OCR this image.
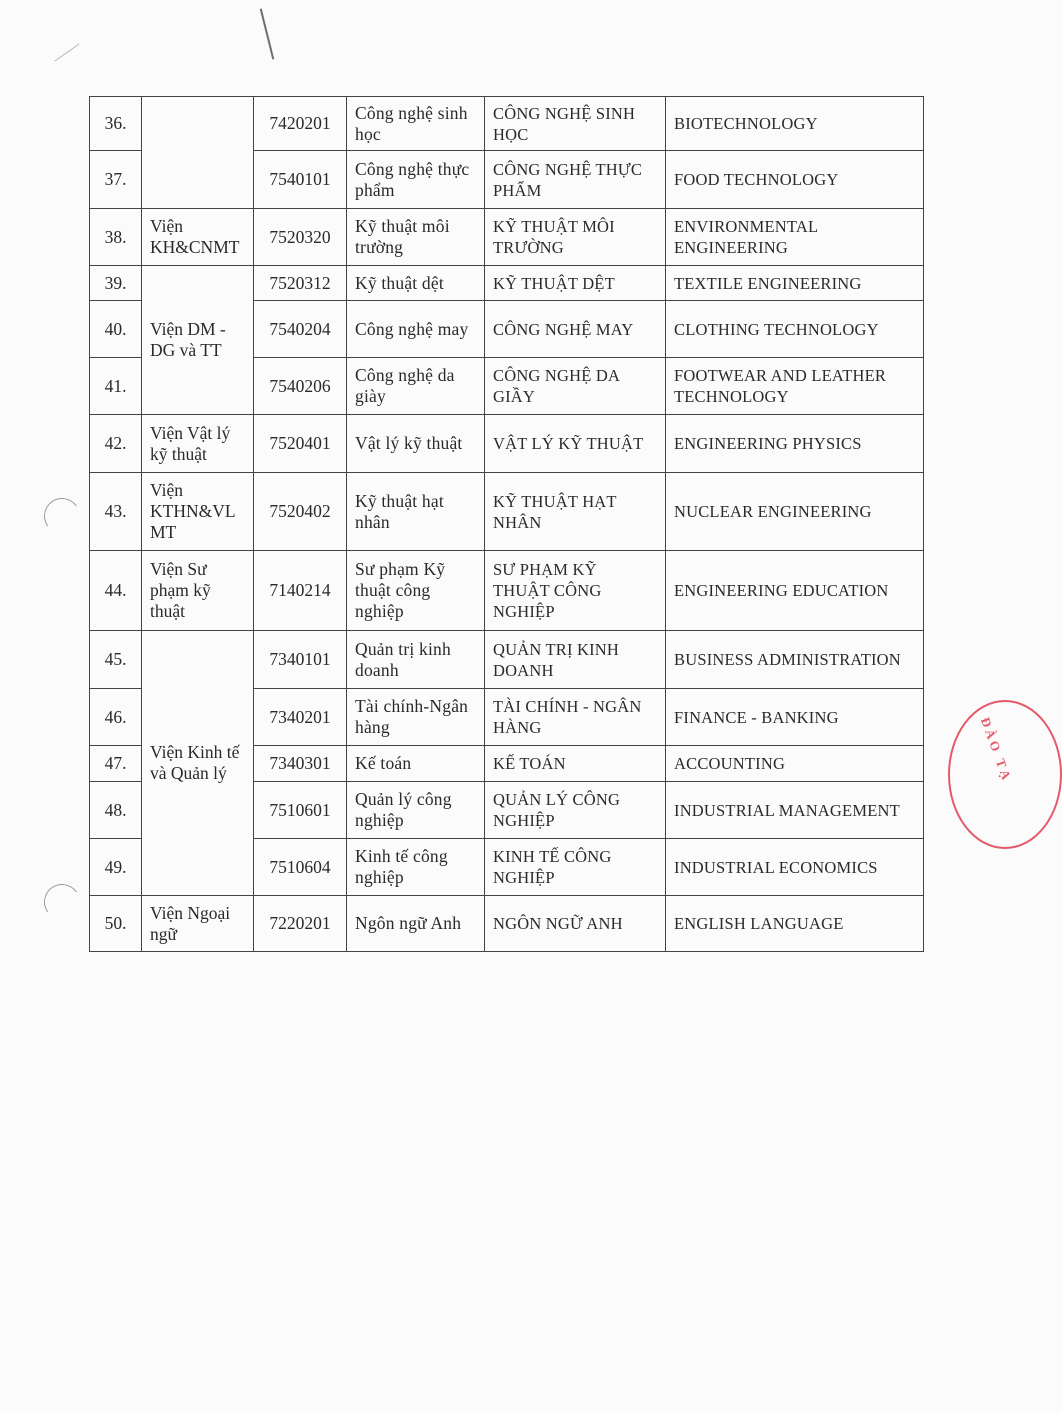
36.		7420201	Công nghệ sinh học	CÔNG NGHỆ SINH HỌC	BIOTECHNOLOGY
37.		7540101	Công nghệ thực phẩm	CÔNG NGHỆ THỰC PHẨM	FOOD TECHNOLOGY
38.	Viện KH&CNMT	7520320	Kỹ thuật môi trường	KỸ THUẬT MÔI TRƯỜNG	ENVIRONMENTAL ENGINEERING
39.	Viện DM - DG và TT	7520312	Kỹ thuật dệt	KỸ THUẬT DỆT	TEXTILE ENGINEERING
40.		7540204	Công nghệ may	CÔNG NGHỆ MAY	CLOTHING TECHNOLOGY
41.		7540206	Công nghệ da giày	CÔNG NGHỆ DA GIẦY	FOOTWEAR AND LEATHER TECHNOLOGY
42.	Viện Vật lý kỹ thuật	7520401	Vật lý kỹ thuật	VẬT LÝ KỸ THUẬT	ENGINEERING PHYSICS
43.	Viện KTHN&VL MT	7520402	Kỹ thuật hạt nhân	KỸ THUẬT HẠT NHÂN	NUCLEAR ENGINEERING
44.	Viện Sư phạm kỹ thuật	7140214	Sư phạm Kỹ thuật công nghiệp	SƯ PHẠM KỸ THUẬT CÔNG NGHIỆP	ENGINEERING EDUCATION
45.	Viện Kinh tế và Quản lý	7340101	Quản trị kinh doanh	QUẢN TRỊ KINH DOANH	BUSINESS ADMINISTRATION
46.		7340201	Tài chính-Ngân hàng	TÀI CHÍNH - NGÂN HÀNG	FINANCE - BANKING
47.		7340301	Kế toán	KẾ TOÁN	ACCOUNTING
48.		7510601	Quản lý công nghiệp	QUẢN LÝ CÔNG NGHIỆP	INDUSTRIAL MANAGEMENT
49.		7510604	Kinh tế công nghiệp	KINH TẾ CÔNG NGHIỆP	INDUSTRIAL ECONOMICS
50.	Viện Ngoại ngữ	7220201	Ngôn ngữ Anh	NGÔN NGỮ ANH	ENGLISH LANGUAGE
ĐÀO TẠ
